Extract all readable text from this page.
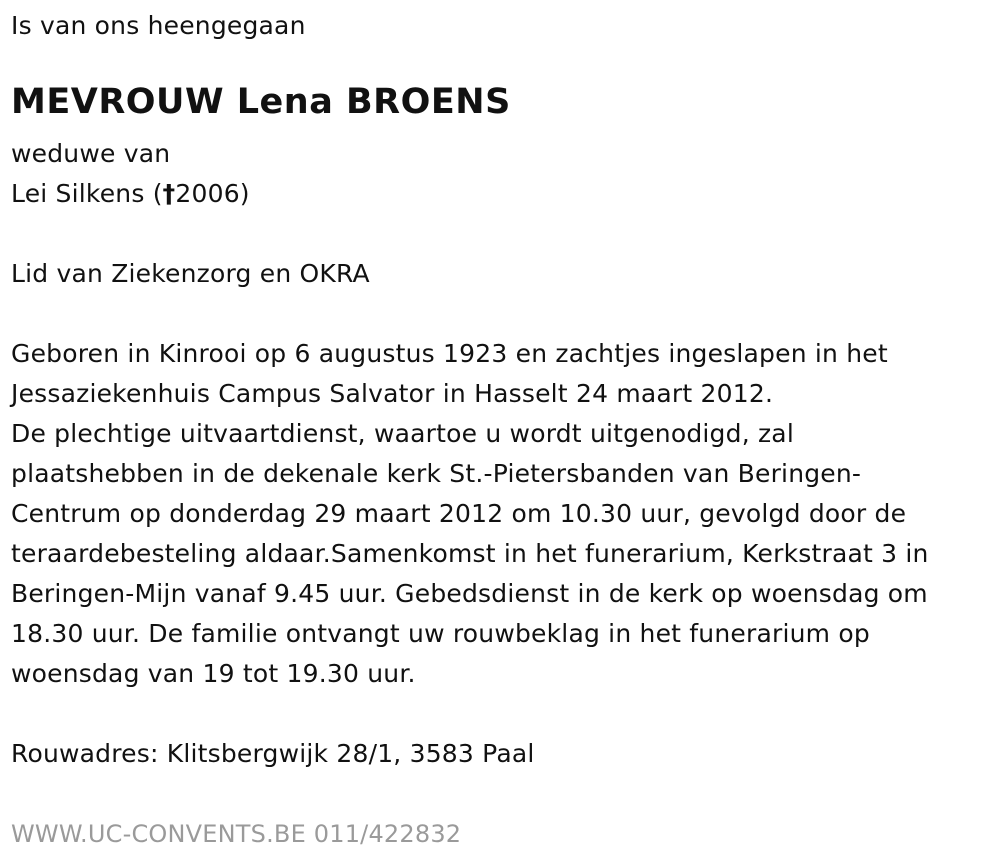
Is van ons heengegaan
MEVROUW Lena BROENS
weduwe van
Lei Silkens (†2006)
Lid van Ziekenzorg en OKRA
Geboren in Kinrooi op 6 augustus 1923 en zachtjes ingeslapen in het
Jessaziekenhuis Campus Salvator in Hasselt 24 maart 2012.
De plechtige uitvaartdienst, waartoe u wordt uitgenodigd, zal
plaatshebben in de dekenale kerk St.-Pietersbanden van Beringen-
Centrum op donderdag 29 maart 2012 om 10.30 uur, gevolgd door de
teraardebesteling aldaar.Samenkomst in het funerarium, Kerkstraat 3 in
Beringen-Mijn vanaf 9.45 uur. Gebedsdienst in de kerk op woensdag om
18.30 uur. De familie ontvangt uw rouwbeklag in het funerarium op
woensdag van 19 tot 19.30 uur.
Rouwadres: Klitsbergwijk 28/1, 3583 Paal
WWW.UC-CONVENTS.BE 011/422832
